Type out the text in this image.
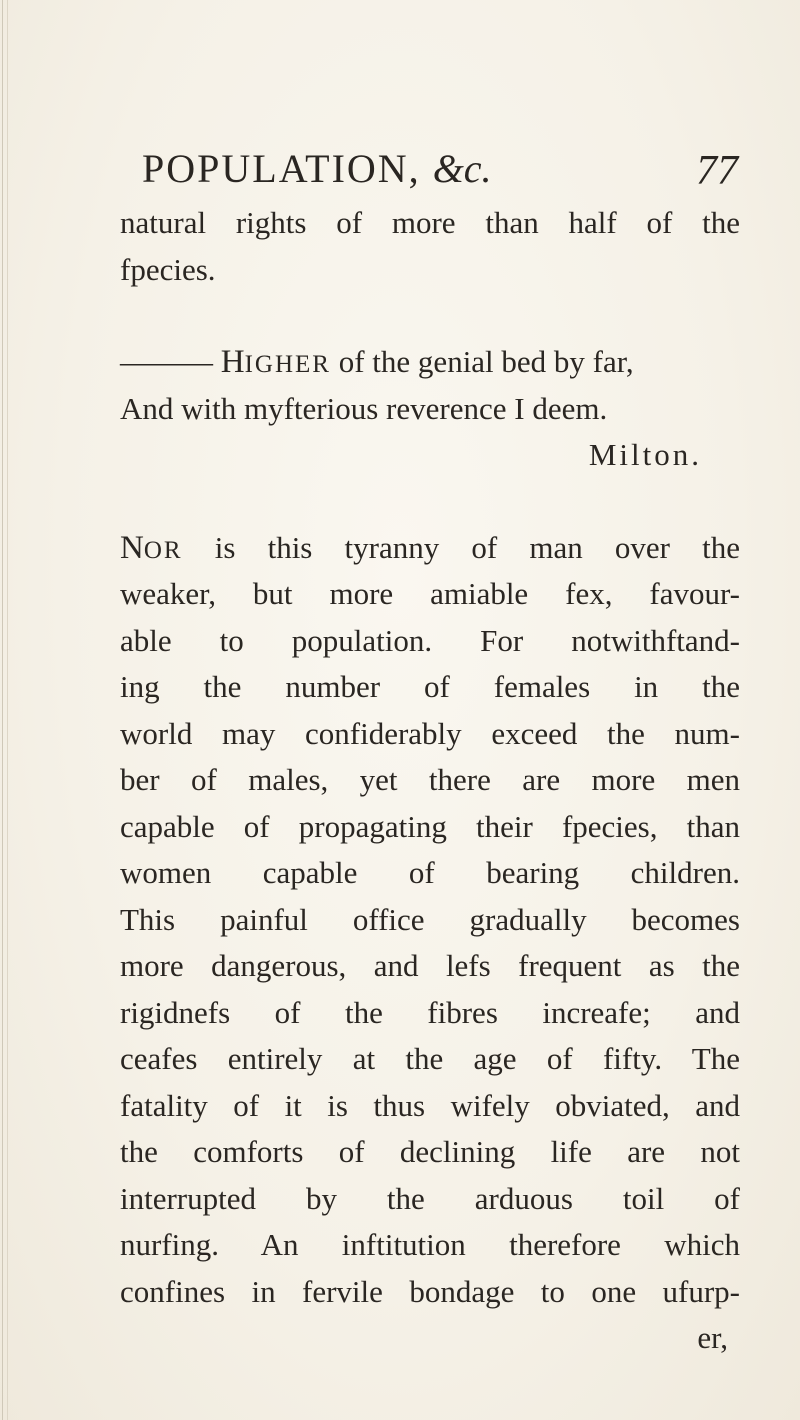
POPULATION, &c.	77
natural rights of more than half of the
fpecies.
——— HIGHER of the genial bed by far,
And with myfterious reverence I deem.
Milton.
NOR is this tyranny of man over the
weaker, but more amiable fex, favour-
able to population. For notwithftand-
ing the number of females in the
world may confiderably exceed the num-
ber of males, yet there are more men
capable of propagating their fpecies, than
women capable of bearing children.
This painful office gradually becomes
more dangerous, and lefs frequent as the
rigidnefs of the fibres increafe; and
ceafes entirely at the age of fifty. The
fatality of it is thus wifely obviated, and
the comforts of declining life are not
interrupted by the arduous toil of
nurfing. An inftitution therefore which
confines in fervile bondage to one ufurp-
er,
